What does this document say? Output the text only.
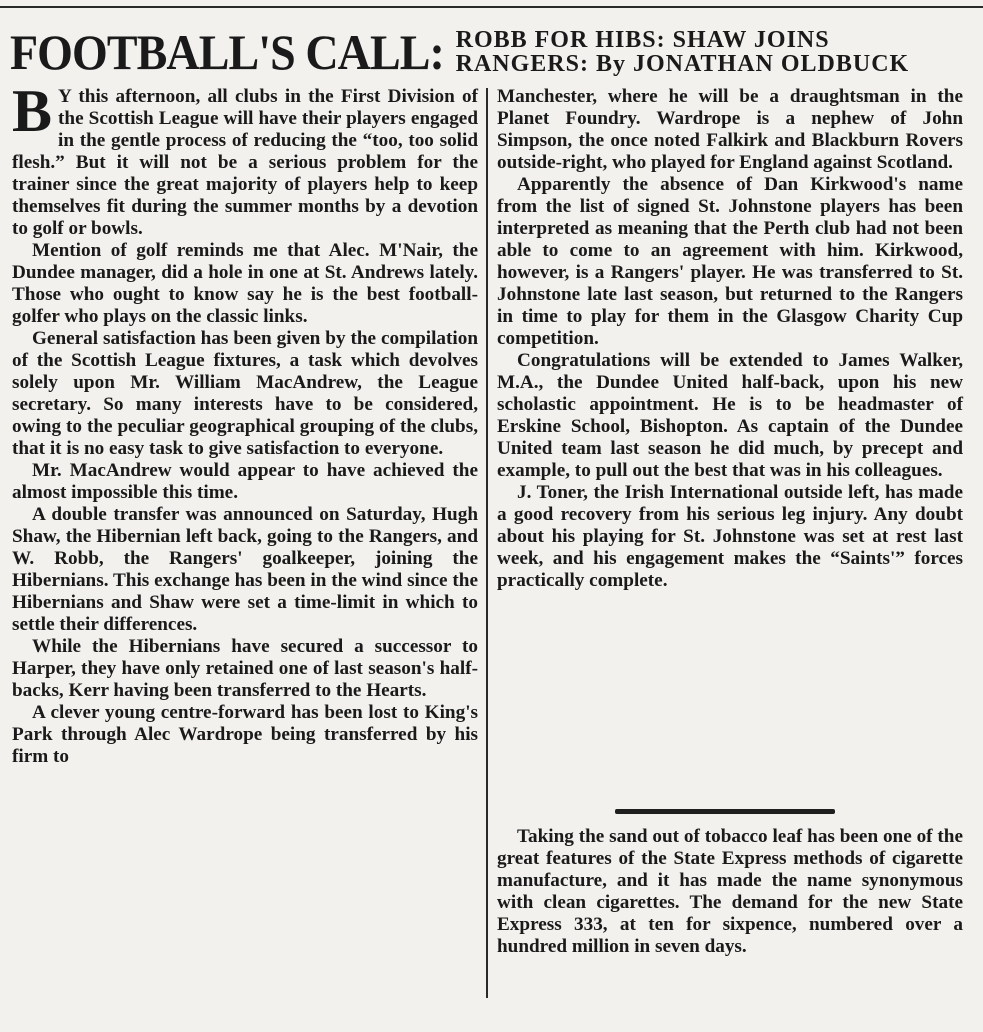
FOOTBALL'S CALL: ROBB FOR HIBS: SHAW JOINS
RANGERS: By JONATHAN OLDBUCK

B Y this afternoon, all clubs in the First Division of the Scottish League will have their players engaged in the gentle process of reducing the “too, too solid flesh.” But it will not be a serious problem for the trainer since the great majority of players help to keep themselves fit during the summer months by a devotion to golf or bowls.

Mention of golf reminds me that Alec. M'Nair, the Dundee manager, did a hole in one at St. Andrews lately. Those who ought to know say he is the best football-golfer who plays on the classic links.

General satisfaction has been given by the compilation of the Scottish League fixtures, a task which devolves solely upon Mr. William MacAndrew, the League secretary. So many interests have to be considered, owing to the peculiar geographical grouping of the clubs, that it is no easy task to give satisfaction to everyone.

Mr. MacAndrew would appear to have achieved the almost impossible this time.

A double transfer was announced on Saturday, Hugh Shaw, the Hibernian left back, going to the Rangers, and W. Robb, the Rangers' goalkeeper, joining the Hibernians. This exchange has been in the wind since the Hibernians and Shaw were set a time-limit in which to settle their differences.

While the Hibernians have secured a successor to Harper, they have only retained one of last season's half-backs, Kerr having been transferred to the Hearts.

A clever young centre-forward has been lost to King's Park through Alec Wardrope being transferred by his firm to

Manchester, where he will be a draughtsman in the Planet Foundry. Wardrope is a nephew of John Simpson, the once noted Falkirk and Blackburn Rovers outside-right, who played for England against Scotland.

Apparently the absence of Dan Kirkwood's name from the list of signed St. Johnstone players has been interpreted as meaning that the Perth club had not been able to come to an agreement with him. Kirkwood, however, is a Rangers' player. He was transferred to St. Johnstone late last season, but returned to the Rangers in time to play for them in the Glasgow Charity Cup competition.

Congratulations will be extended to James Walker, M.A., the Dundee United half-back, upon his new scholastic appointment. He is to be headmaster of Erskine School, Bishopton. As captain of the Dundee United team last season he did much, by precept and example, to pull out the best that was in his colleagues.

J. Toner, the Irish International outside left, has made a good recovery from his serious leg injury. Any doubt about his playing for St. Johnstone was set at rest last week, and his engagement makes the “Saints'” forces practically complete.

Taking the sand out of tobacco leaf has been one of the great features of the State Express methods of cigarette manufacture, and it has made the name synonymous with clean cigarettes. The demand for the new State Express 333, at ten for sixpence, numbered over a hundred million in seven days.
